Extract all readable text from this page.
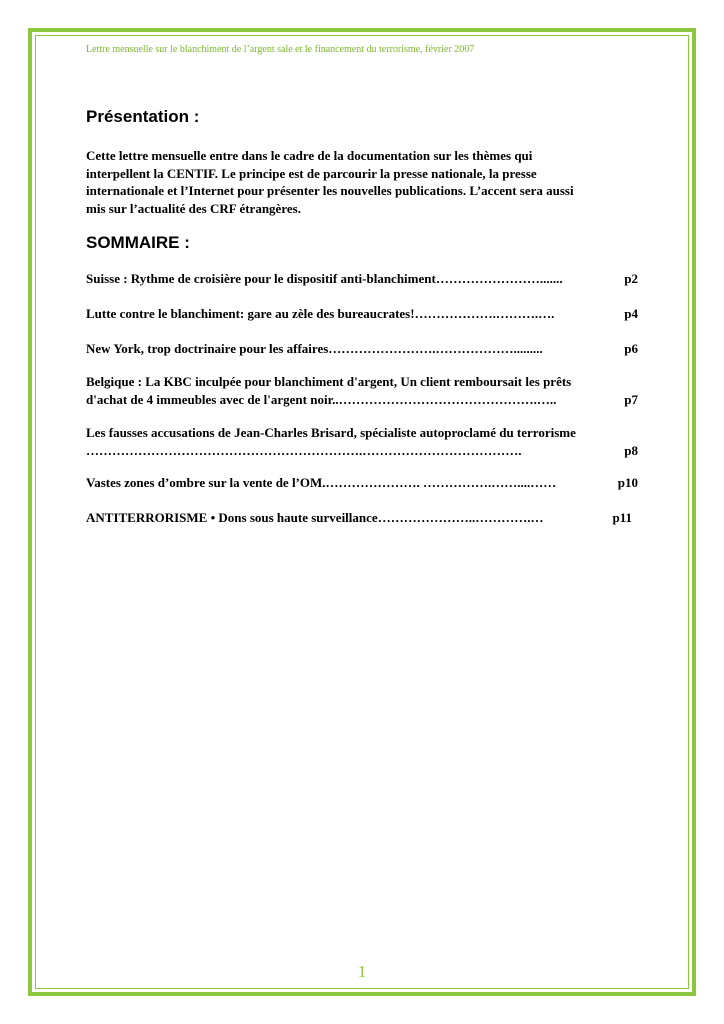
Lettre mensuelle sur le blanchiment de l’argent sale et le financement du terrorisme, février 2007
Présentation :
Cette lettre mensuelle entre dans le cadre de la documentation sur les thèmes qui
interpellent la CENTIF. Le principe est de parcourir la presse nationale, la presse
internationale et l’Internet pour présenter les nouvelles publications. L’accent sera aussi
mis sur l’actualité des CRF étrangères.
SOMMAIRE :
Suisse : Rythme de croisière pour le dispositif anti-blanchiment …………………….......	p2
Lutte contre le blanchiment: gare au zèle des bureaucrates! ……………….……….….	p4
New York, trop doctrinaire pour les affaires …………………….……………….........	p6
Belgique : La KBC inculpée pour blanchiment d'argent, Un client remboursait les prêts
d'achat de 4 immeubles avec de l'argent noir.. ……………………………………….…..	p7
Les fausses accusations de Jean-Charles Brisard, spécialiste autoproclamé du terrorisme
……………………………………………………….……………………………….	p8
Vastes zones d’ombre sur la vente de l’OM. …………………. …………….……....……	p10
ANTITERRORISME • Dons sous haute surveillance …………………..………….…	p11
1
